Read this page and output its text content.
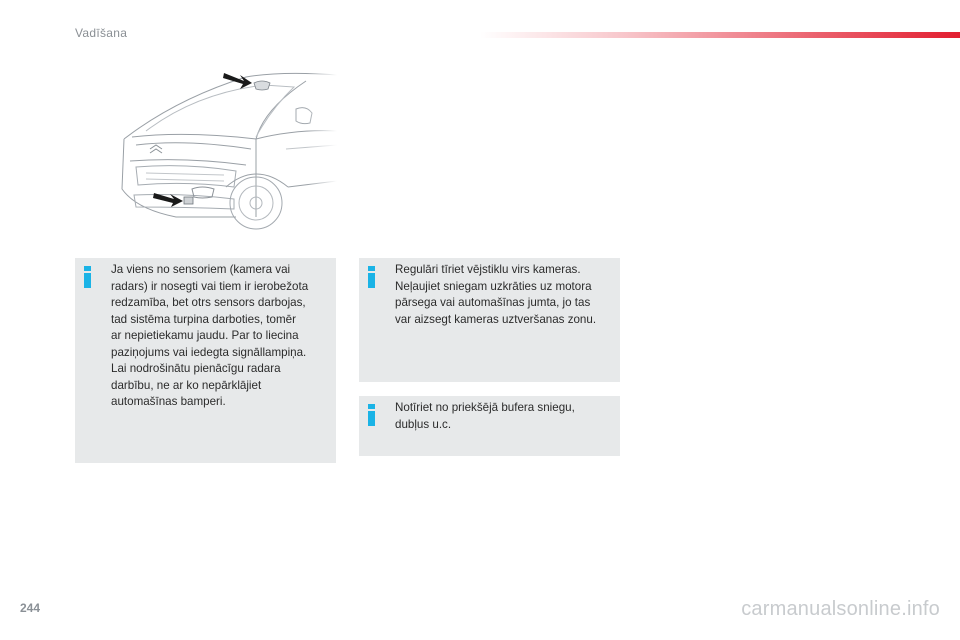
Vadīšana
Ja viens no sensoriem (kamera vai
radars) ir nosegti vai tiem ir ierobežota
redzamība, bet otrs sensors darbojas,
tad sistēma turpina darboties, tomēr
ar nepietiekamu jaudu. Par to liecina
paziņojums vai iedegta signāllampiņa.
Lai nodrošinātu pienācīgu radara
darbību, ne ar ko nepārklājiet
automašīnas bamperi.
Regulāri tīriet vējstiklu virs kameras.
Neļaujiet sniegam uzkrāties uz motora
pārsega vai automašīnas jumta, jo tas
var aizsegt kameras uztveršanas zonu.
Notīriet no priekšējā bufera sniegu,
dubļus u.c.
244	carmanualsonline.info
